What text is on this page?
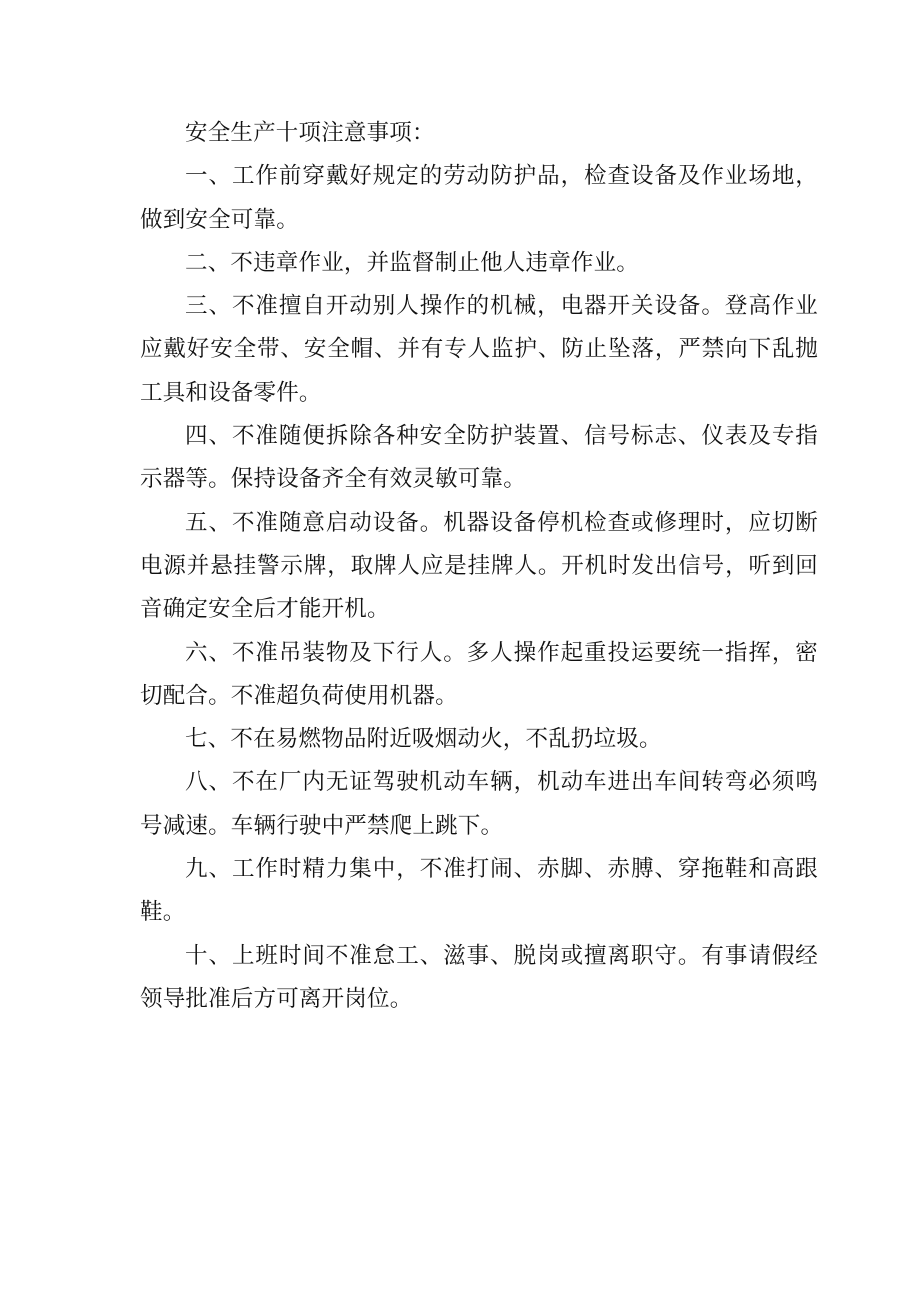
安全生产十项注意事项：

一、工作前穿戴好规定的劳动防护品，检查设备及作业场地，做到安全可靠。

二、不违章作业，并监督制止他人违章作业。

三、不准擅自开动别人操作的机械，电器开关设备。登高作业应戴好安全带、安全帽、并有专人监护、防止坠落，严禁向下乱抛工具和设备零件。

四、不准随便拆除各种安全防护装置、信号标志、仪表及专指示器等。保持设备齐全有效灵敏可靠。

五、不准随意启动设备。机器设备停机检查或修理时，应切断电源并悬挂警示牌，取牌人应是挂牌人。开机时发出信号，听到回音确定安全后才能开机。

六、不准吊装物及下行人。多人操作起重投运要统一指挥，密切配合。不准超负荷使用机器。

七、不在易燃物品附近吸烟动火，不乱扔垃圾。

八、不在厂内无证驾驶机动车辆，机动车进出车间转弯必须鸣号减速。车辆行驶中严禁爬上跳下。

九、工作时精力集中，不准打闹、赤脚、赤膊、穿拖鞋和高跟鞋。

十、上班时间不准怠工、滋事、脱岗或擅离职守。有事请假经领导批准后方可离开岗位。
